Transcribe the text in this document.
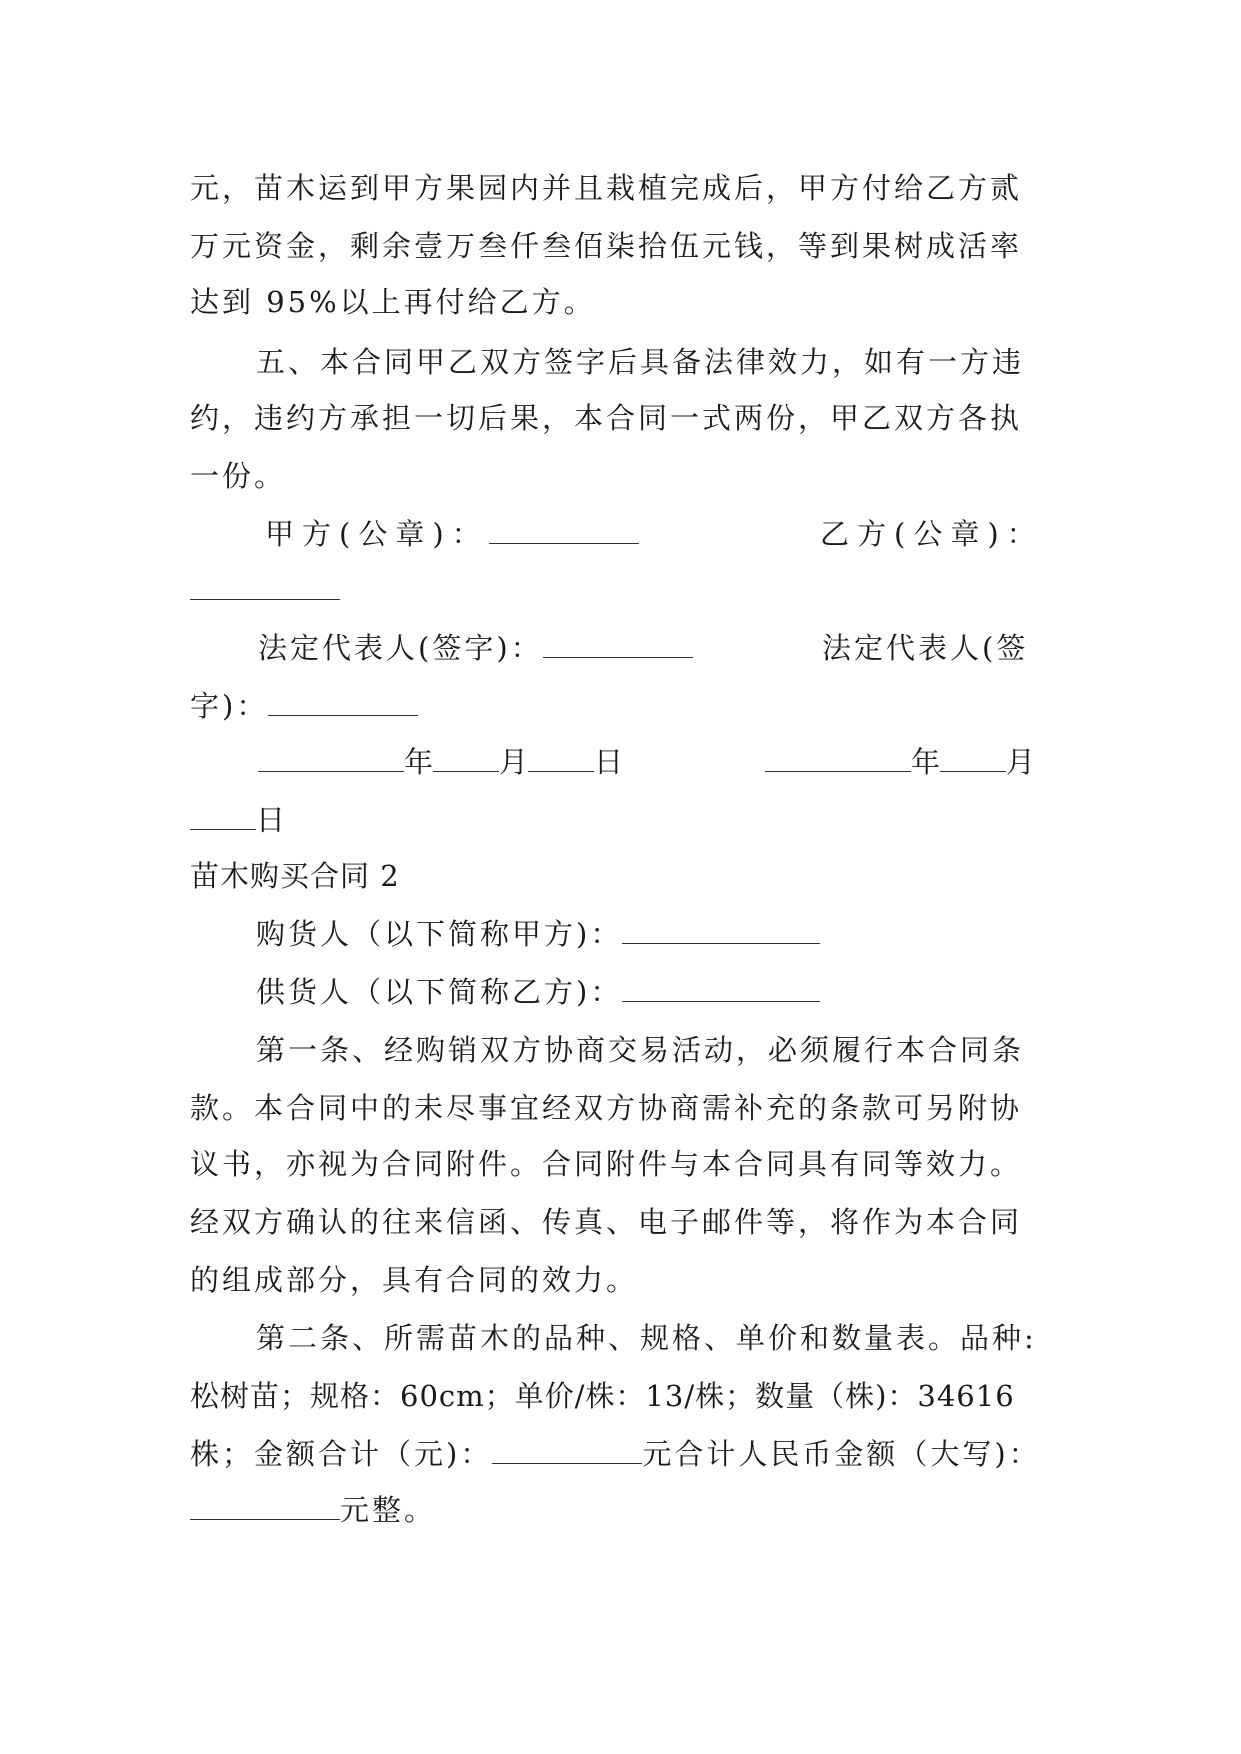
元，苗木运到甲方果园内并且栽植完成后，甲方付给乙方贰
万元资金，剩余壹万叁仟叁佰柒拾伍元钱，等到果树成活率
达到 95%以上再付给乙方。
五、本合同甲乙双方签字后具备法律效力，如有一方违
约，违约方承担一切后果，本合同一式两份，甲乙双方各执
一份。
甲方(公章)：	乙方(公章)：
法定代表人(签字)：	法定代表人(签
字)：
年 月 日	年 月
日
苗木购买合同 2
购货人（以下简称甲方)：
供货人（以下简称乙方)：
第一条、经购销双方协商交易活动，必须履行本合同条
款。本合同中的未尽事宜经双方协商需补充的条款可另附协
议书，亦视为合同附件。合同附件与本合同具有同等效力。
经双方确认的往来信函、传真、电子邮件等，将作为本合同
的组成部分，具有合同的效力。
第二条、所需苗木的品种、规格、单价和数量表。品种:
松树苗；规格：60cm；单价/株：13/株；数量（株)：34616
株；金额合计（元)：	元合计人民币金额（大写)：
元整。
